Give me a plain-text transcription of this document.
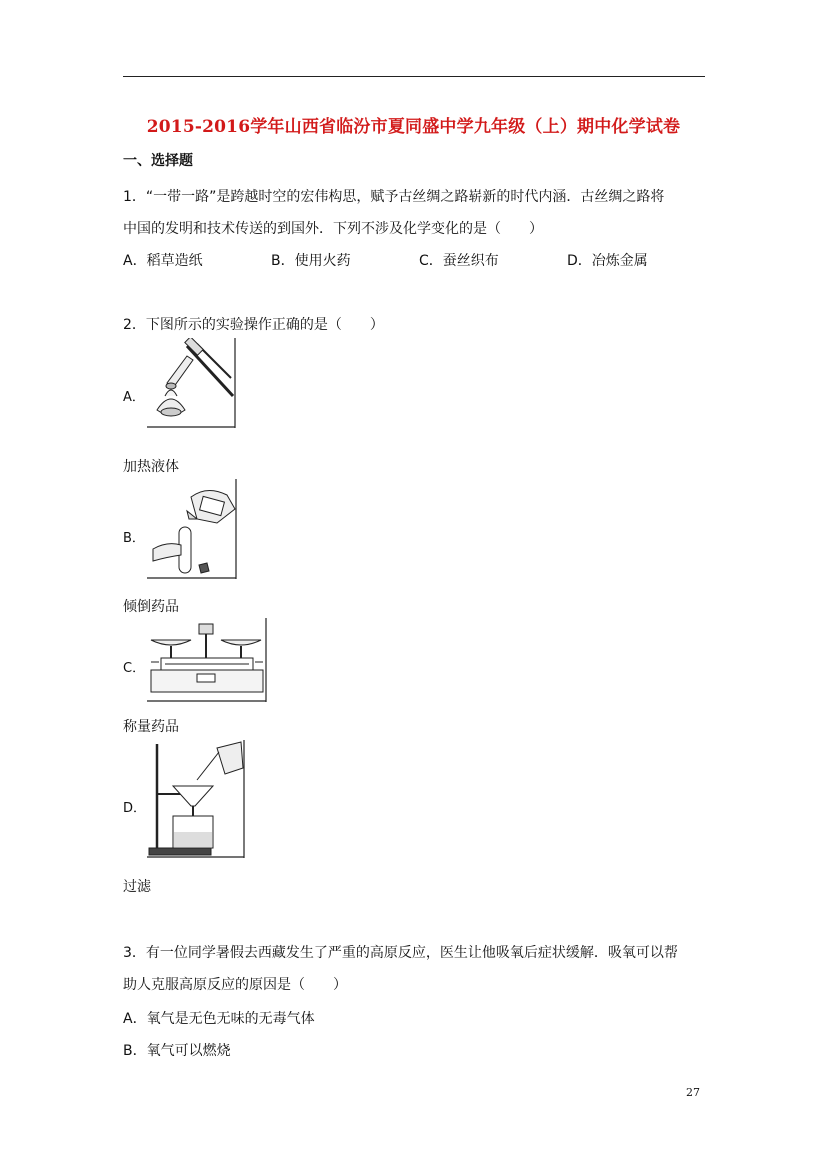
2015-2016学年山西省临汾市夏同盛中学九年级（上）期中化学试卷
一、选择题
1．“一带一路”是跨越时空的宏伟构思，赋予古丝绸之路崭新的时代内涵．古丝绸之路将
中国的发明和技术传送的到国外．下列不涉及化学变化的是（　　）
A．稻草造纸	B．使用火药	C．蚕丝织布	D．冶炼金属
2．下图所示的实验操作正确的是（　　）
A．
加热液体
B．
倾倒药品
C．
称量药品
D．
过滤
3．有一位同学暑假去西藏发生了严重的高原反应，医生让他吸氧后症状缓解．吸氧可以帮
助人克服高原反应的原因是（　　）
A．氧气是无色无味的无毒气体
B．氧气可以燃烧
27
